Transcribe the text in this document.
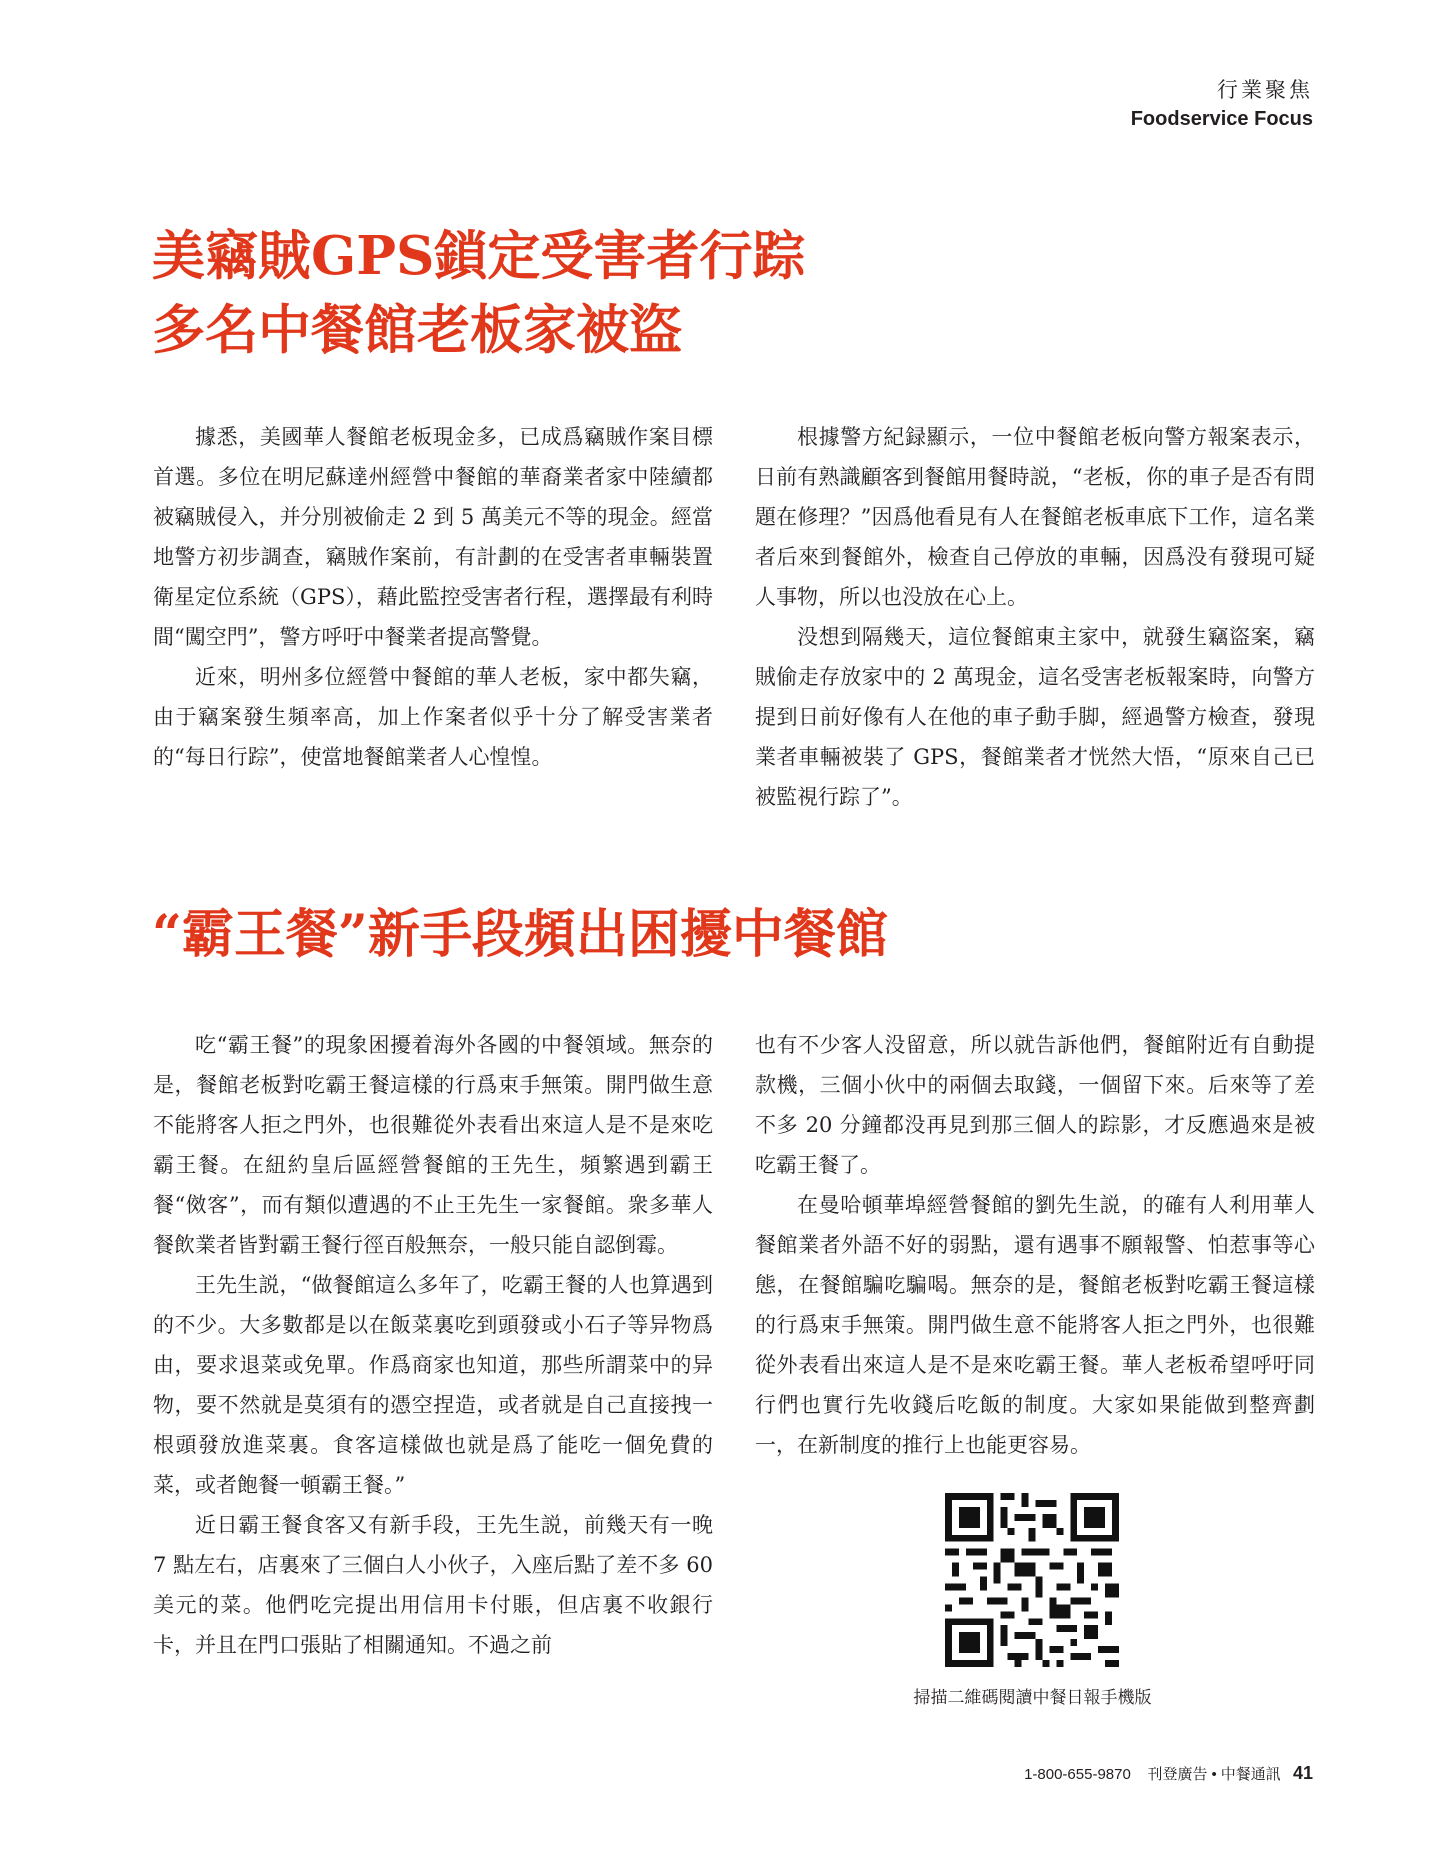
行業聚焦
Foodservice Focus
美竊賊GPS鎖定受害者行踪
多名中餐館老板家被盜

據悉，美國華人餐館老板現金多，已成爲竊賊作案目標首選。多位在明尼蘇達州經營中餐館的華裔業者家中陸續都被竊賊侵入，并分別被偷走 2 到 5 萬美元不等的現金。經當地警方初步調查，竊賊作案前，有計劃的在受害者車輛裝置衛星定位系統（GPS），藉此監控受害者行程，選擇最有利時間“闖空門”，警方呼吁中餐業者提高警覺。

近來，明州多位經營中餐館的華人老板，家中都失竊，由于竊案發生頻率高，加上作案者似乎十分了解受害業者的“每日行踪”，使當地餐館業者人心惶惶。

根據警方紀録顯示，一位中餐館老板向警方報案表示，日前有熟識顧客到餐館用餐時説，“老板，你的車子是否有問題在修理？”因爲他看見有人在餐館老板車底下工作，這名業者后來到餐館外，檢查自己停放的車輛，因爲没有發現可疑人事物，所以也没放在心上。

没想到隔幾天，這位餐館東主家中，就發生竊盜案，竊賊偷走存放家中的 2 萬現金，這名受害老板報案時，向警方提到日前好像有人在他的車子動手脚，經過警方檢查，發現業者車輛被裝了 GPS，餐館業者才恍然大悟，“原來自己已被監視行踪了”。

“霸王餐”新手段頻出困擾中餐館

吃“霸王餐”的現象困擾着海外各國的中餐領域。無奈的是，餐館老板對吃霸王餐這樣的行爲束手無策。開門做生意不能將客人拒之門外，也很難從外表看出來這人是不是來吃霸王餐。在紐約皇后區經營餐館的王先生，頻繁遇到霸王餐“傚客”，而有類似遭遇的不止王先生一家餐館。衆多華人餐飲業者皆對霸王餐行徑百般無奈，一般只能自認倒霉。

王先生説，“做餐館這么多年了，吃霸王餐的人也算遇到的不少。大多數都是以在飯菜裏吃到頭發或小石子等异物爲由，要求退菜或免單。作爲商家也知道，那些所謂菜中的异物，要不然就是莫須有的憑空捏造，或者就是自己直接拽一根頭發放進菜裏。食客這樣做也就是爲了能吃一個免費的菜，或者飽餐一頓霸王餐。”

近日霸王餐食客又有新手段，王先生説，前幾天有一晚 7 點左右，店裏來了三個白人小伙子，入座后點了差不多 60 美元的菜。他們吃完提出用信用卡付賬，但店裏不收銀行卡，并且在門口張貼了相關通知。不過之前

也有不少客人没留意，所以就告訴他們，餐館附近有自動提款機，三個小伙中的兩個去取錢，一個留下來。后來等了差不多 20 分鐘都没再見到那三個人的踪影，才反應過來是被吃霸王餐了。

在曼哈頓華埠經營餐館的劉先生説，的確有人利用華人餐館業者外語不好的弱點，還有遇事不願報警、怕惹事等心態，在餐館騙吃騙喝。無奈的是，餐館老板對吃霸王餐這樣的行爲束手無策。開門做生意不能將客人拒之門外，也很難從外表看出來這人是不是來吃霸王餐。華人老板希望呼吁同行們也實行先收錢后吃飯的制度。大家如果能做到整齊劃一，在新制度的推行上也能更容易。

掃描二維碼閱讀中餐日報手機版
1-800-655-9870 刊登廣告 • 中餐通訊 41
